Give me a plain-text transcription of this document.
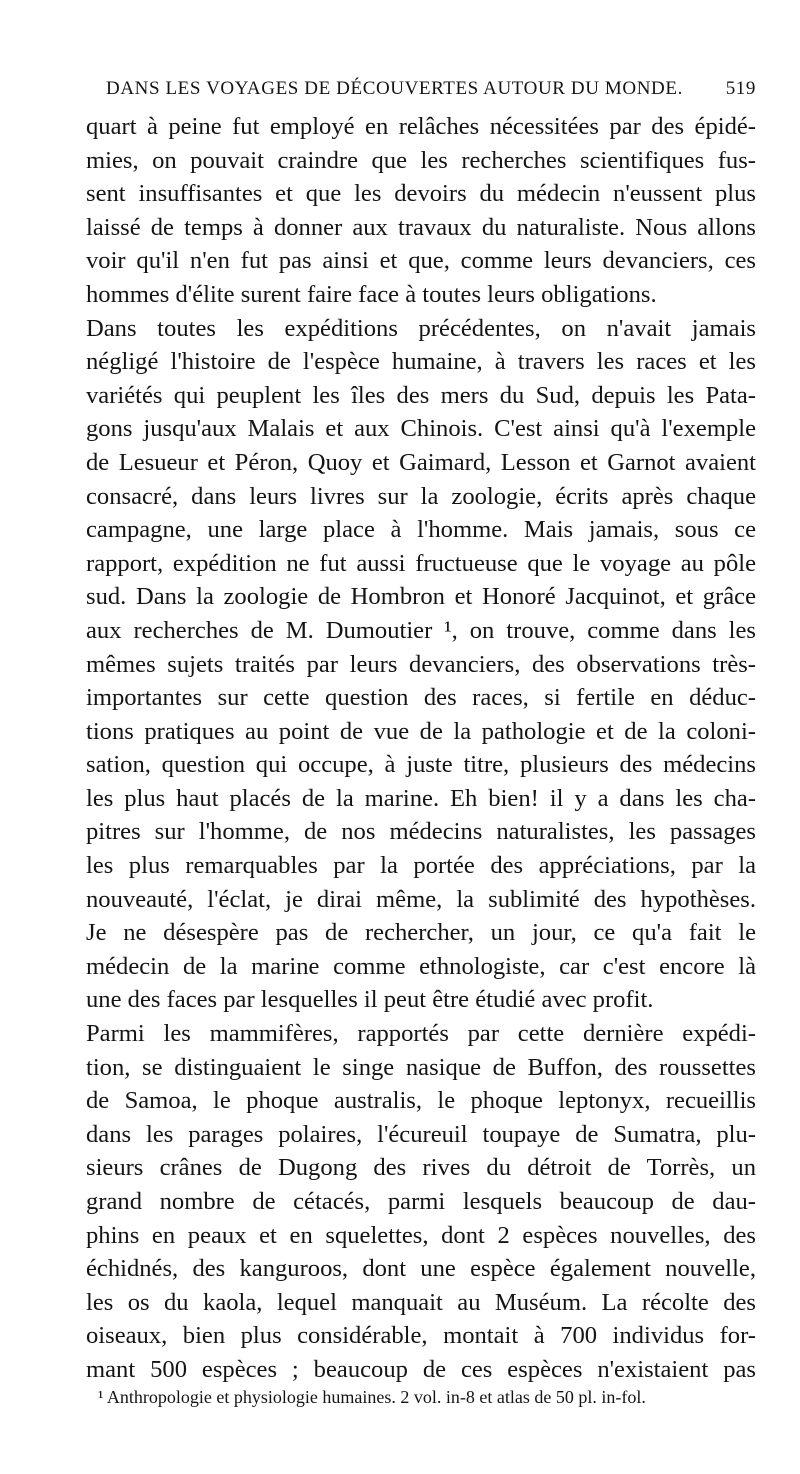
DANS LES VOYAGES DE DÉCOUVERTES AUTOUR DU MONDE. 519

quart à peine fut employé en relâches nécessitées par des épidé-

mies, on pouvait craindre que les recherches scientifiques fus-

sent insuffisantes et que les devoirs du médecin n'eussent plus

laissé de temps à donner aux travaux du naturaliste. Nous allons

voir qu'il n'en fut pas ainsi et que, comme leurs devanciers, ces

hommes d'élite surent faire face à toutes leurs obligations.

Dans toutes les expéditions précédentes, on n'avait jamais

négligé l'histoire de l'espèce humaine, à travers les races et les

variétés qui peuplent les îles des mers du Sud, depuis les Pata-

gons jusqu'aux Malais et aux Chinois. C'est ainsi qu'à l'exemple

de Lesueur et Péron, Quoy et Gaimard, Lesson et Garnot avaient

consacré, dans leurs livres sur la zoologie, écrits après chaque

campagne, une large place à l'homme. Mais jamais, sous ce

rapport, expédition ne fut aussi fructueuse que le voyage au pôle

sud. Dans la zoologie de Hombron et Honoré Jacquinot, et grâce

aux recherches de M. Dumoutier ¹, on trouve, comme dans les

mêmes sujets traités par leurs devanciers, des observations très-

importantes sur cette question des races, si fertile en déduc-

tions pratiques au point de vue de la pathologie et de la coloni-

sation, question qui occupe, à juste titre, plusieurs des médecins

les plus haut placés de la marine. Eh bien! il y a dans les cha-

pitres sur l'homme, de nos médecins naturalistes, les passages

les plus remarquables par la portée des appréciations, par la

nouveauté, l'éclat, je dirai même, la sublimité des hypothèses.

Je ne désespère pas de rechercher, un jour, ce qu'a fait le

médecin de la marine comme ethnologiste, car c'est encore là

une des faces par lesquelles il peut être étudié avec profit.

Parmi les mammifères, rapportés par cette dernière expédi-

tion, se distinguaient le singe nasique de Buffon, des roussettes

de Samoa, le phoque australis, le phoque leptonyx, recueillis

dans les parages polaires, l'écureuil toupaye de Sumatra, plu-

sieurs crânes de Dugong des rives du détroit de Torrès, un

grand nombre de cétacés, parmi lesquels beaucoup de dau-

phins en peaux et en squelettes, dont 2 espèces nouvelles, des

échidnés, des kanguroos, dont une espèce également nouvelle,

les os du kaola, lequel manquait au Muséum. La récolte des

oiseaux, bien plus considérable, montait à 700 individus for-

mant 500 espèces ; beaucoup de ces espèces n'existaient pas

¹ Anthropologie et physiologie humaines. 2 vol. in-8 et atlas de 50 pl. in-fol.
